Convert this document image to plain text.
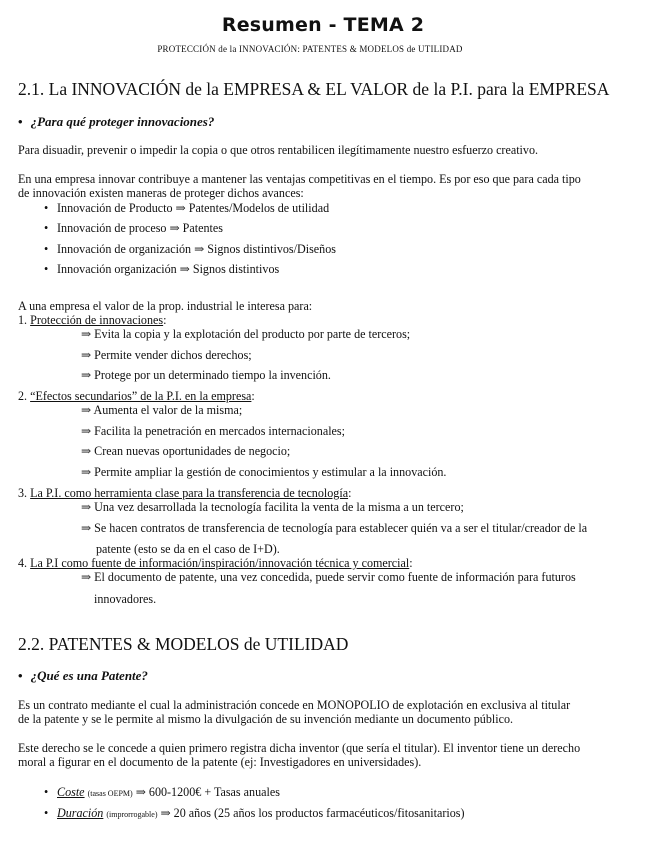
Resumen - TEMA 2
PROTECCIÓN de la INNOVACIÓN: PATENTES & MODELOS de UTILIDAD
2.1. La INNOVACIÓN de la EMPRESA & EL VALOR de la P.I. para la EMPRESA
• ¿Para qué proteger innovaciones?
Para disuadir, prevenir o impedir la copia o que otros rentabilicen ilegítimamente nuestro esfuerzo creativo.
En una empresa innovar contribuye a mantener las ventajas competitivas en el tiempo. Es por eso que para cada tipo
de innovación existen maneras de proteger dichos avances:
• Innovación de Producto ⇒ Patentes/Modelos de utilidad
• Innovación de proceso ⇒ Patentes
• Innovación de organización ⇒ Signos distintivos/Diseños
• Innovación organización ⇒ Signos distintivos
A una empresa el valor de la prop. industrial le interesa para:
1. Protección de innovaciones:
⇒ Evita la copia y la explotación del producto por parte de terceros;
⇒ Permite vender dichos derechos;
⇒ Protege por un determinado tiempo la invención.
2. “Efectos secundarios” de la P.I. en la empresa:
⇒ Aumenta el valor de la misma;
⇒ Facilita la penetración en mercados internacionales;
⇒ Crean nuevas oportunidades de negocio;
⇒ Permite ampliar la gestión de conocimientos y estimular a la innovación.
3. La P.I. como herramienta clase para la transferencia de tecnología:
⇒ Una vez desarrollada la tecnología facilita la venta de la misma a un tercero;
⇒ Se hacen contratos de transferencia de tecnología para establecer quién va a ser el titular/creador de la
patente (esto se da en el caso de I+D).
4. La P.I como fuente de información/inspiración/innovación técnica y comercial:
⇒ El documento de patente, una vez concedida, puede servir como fuente de información para futuros
innovadores.
2.2. PATENTES & MODELOS de UTILIDAD
• ¿Qué es una Patente?
Es un contrato mediante el cual la administración concede en MONOPOLIO de explotación en exclusiva al titular
de la patente y se le permite al mismo la divulgación de su invención mediante un documento público.
Este derecho se le concede a quien primero registra dicha inventor (que sería el titular). El inventor tiene un derecho
moral a figurar en el documento de la patente (ej: Investigadores en universidades).
• Coste (tasas OEPM) ⇒ 600-1200€ + Tasas anuales
• Duración (improrrogable) ⇒ 20 años (25 años los productos farmacéuticos/fitosanitarios)
